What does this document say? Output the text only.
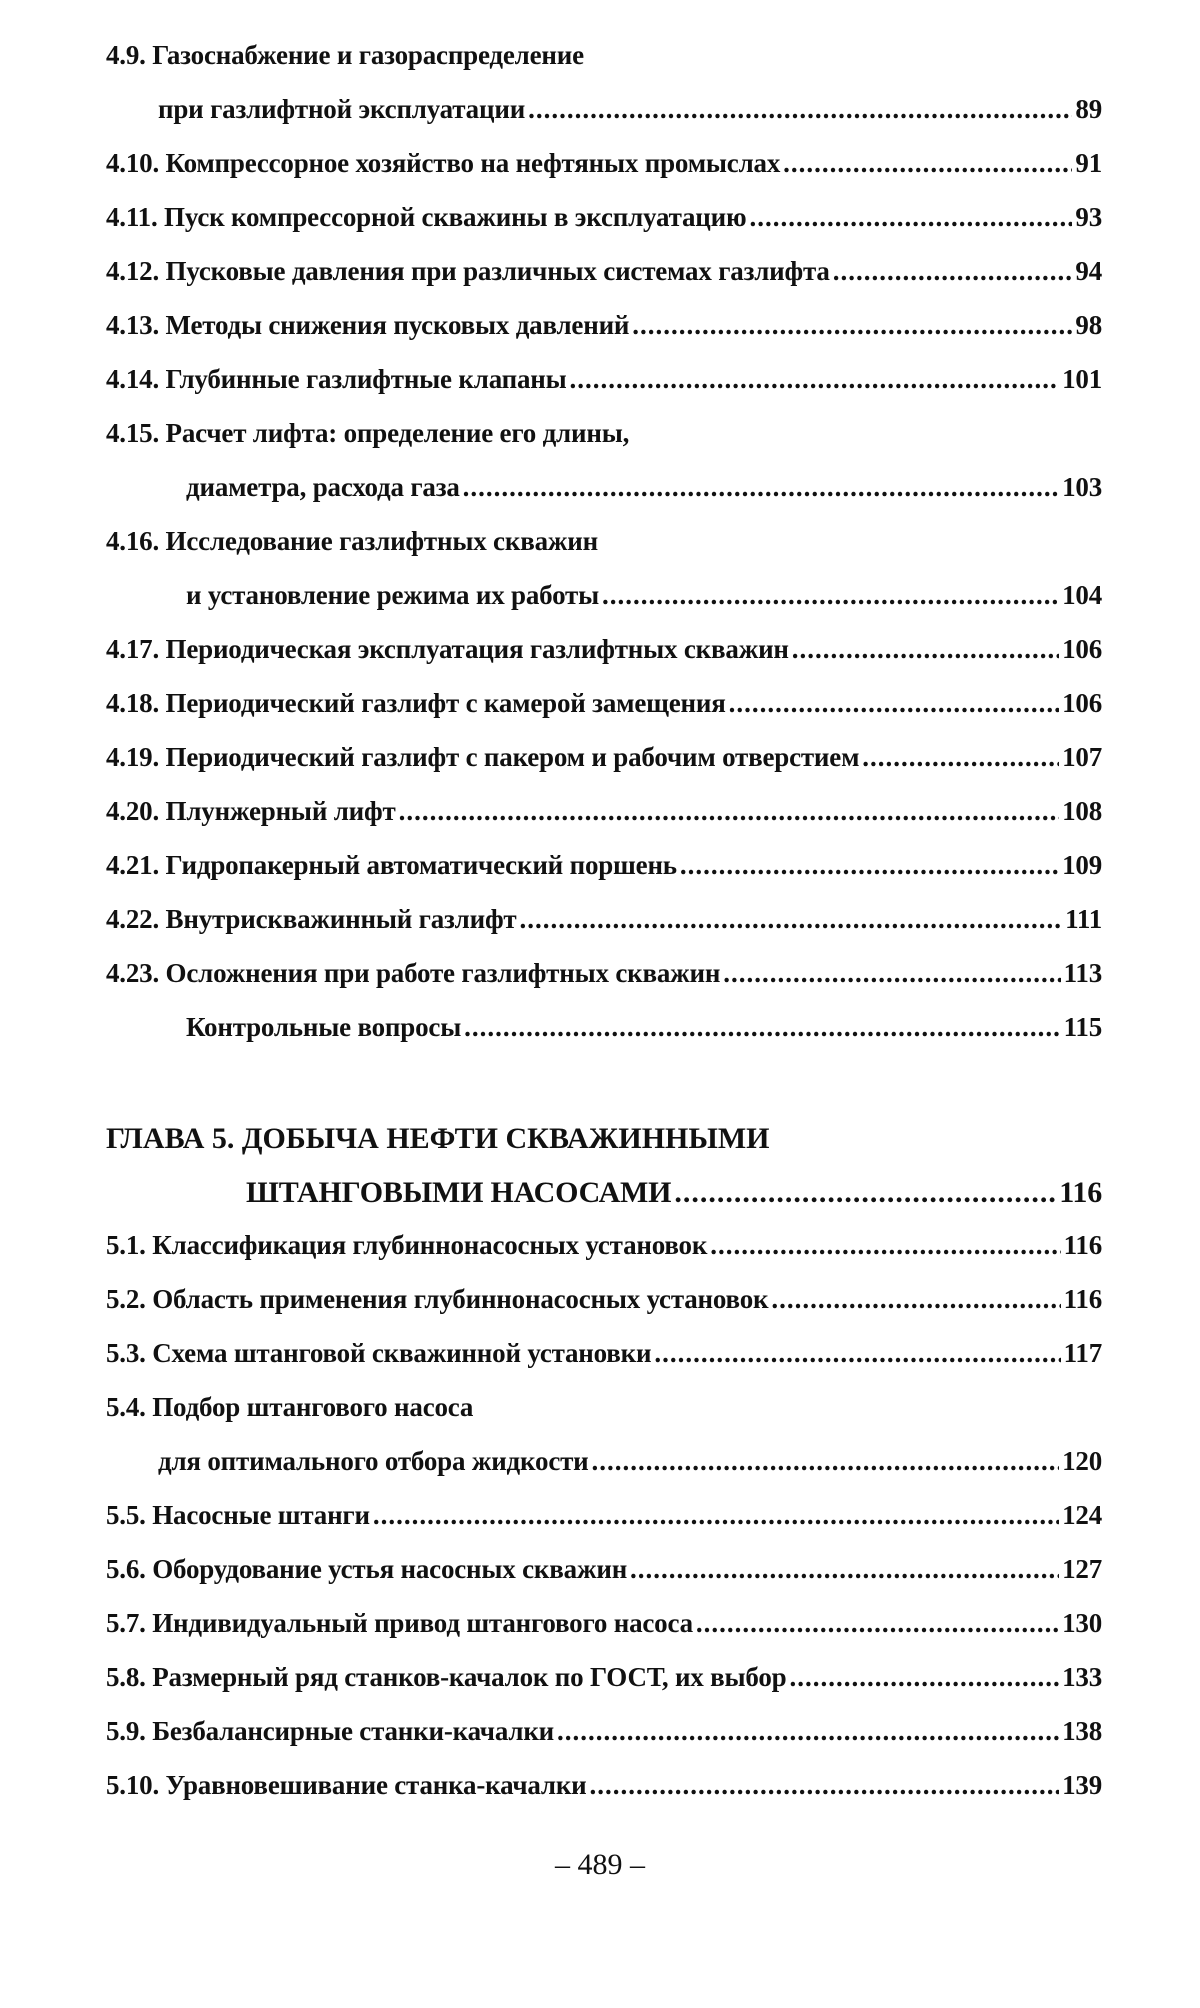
4.9. Газоснабжение и газораспределение
при газлифтной эксплуатации .....	89
4.10. Компрессорное хозяйство на нефтяных промыслах .....	91
4.11. Пуск компрессорной скважины в эксплуатацию .....	93
4.12. Пусковые давления при различных системах газлифта .....	94
4.13. Методы снижения пусковых давлений .....	98
4.14. Глубинные газлифтные клапаны .....	101
4.15. Расчет лифта: определение его длины,
диаметра, расхода газа .....	103
4.16. Исследование газлифтных скважин
и установление режима их работы .....	104
4.17. Периодическая эксплуатация газлифтных скважин .....	106
4.18. Периодический газлифт с камерой замещения .....	106
4.19. Периодический газлифт с пакером и рабочим отверстием .....	107
4.20. Плунжерный лифт .....	108
4.21. Гидропакерный автоматический поршень .....	109
4.22. Внутрискважинный газлифт .....	111
4.23. Осложнения при работе газлифтных скважин .....	113
Контрольные вопросы .....	115
ГЛАВА 5. ДОБЫЧА НЕФТИ СКВАЖИННЫМИ
ШТАНГОВЫМИ НАСОСАМИ .....	116
5.1. Классификация глубиннонасосных установок .....	116
5.2. Область применения глубиннонасосных установок .....	116
5.3. Схема штанговой скважинной установки .....	117
5.4. Подбор штангового насоса
для оптимального отбора жидкости .....	120
5.5. Насосные штанги .....	124
5.6. Оборудование устья насосных скважин .....	127
5.7. Индивидуальный привод штангового насоса .....	130
5.8. Размерный ряд станков-качалок по ГОСТ, их выбор .....	133
5.9. Безбалансирные станки-качалки .....	138
5.10. Уравновешивание станка-качалки .....	139
– 489 –
